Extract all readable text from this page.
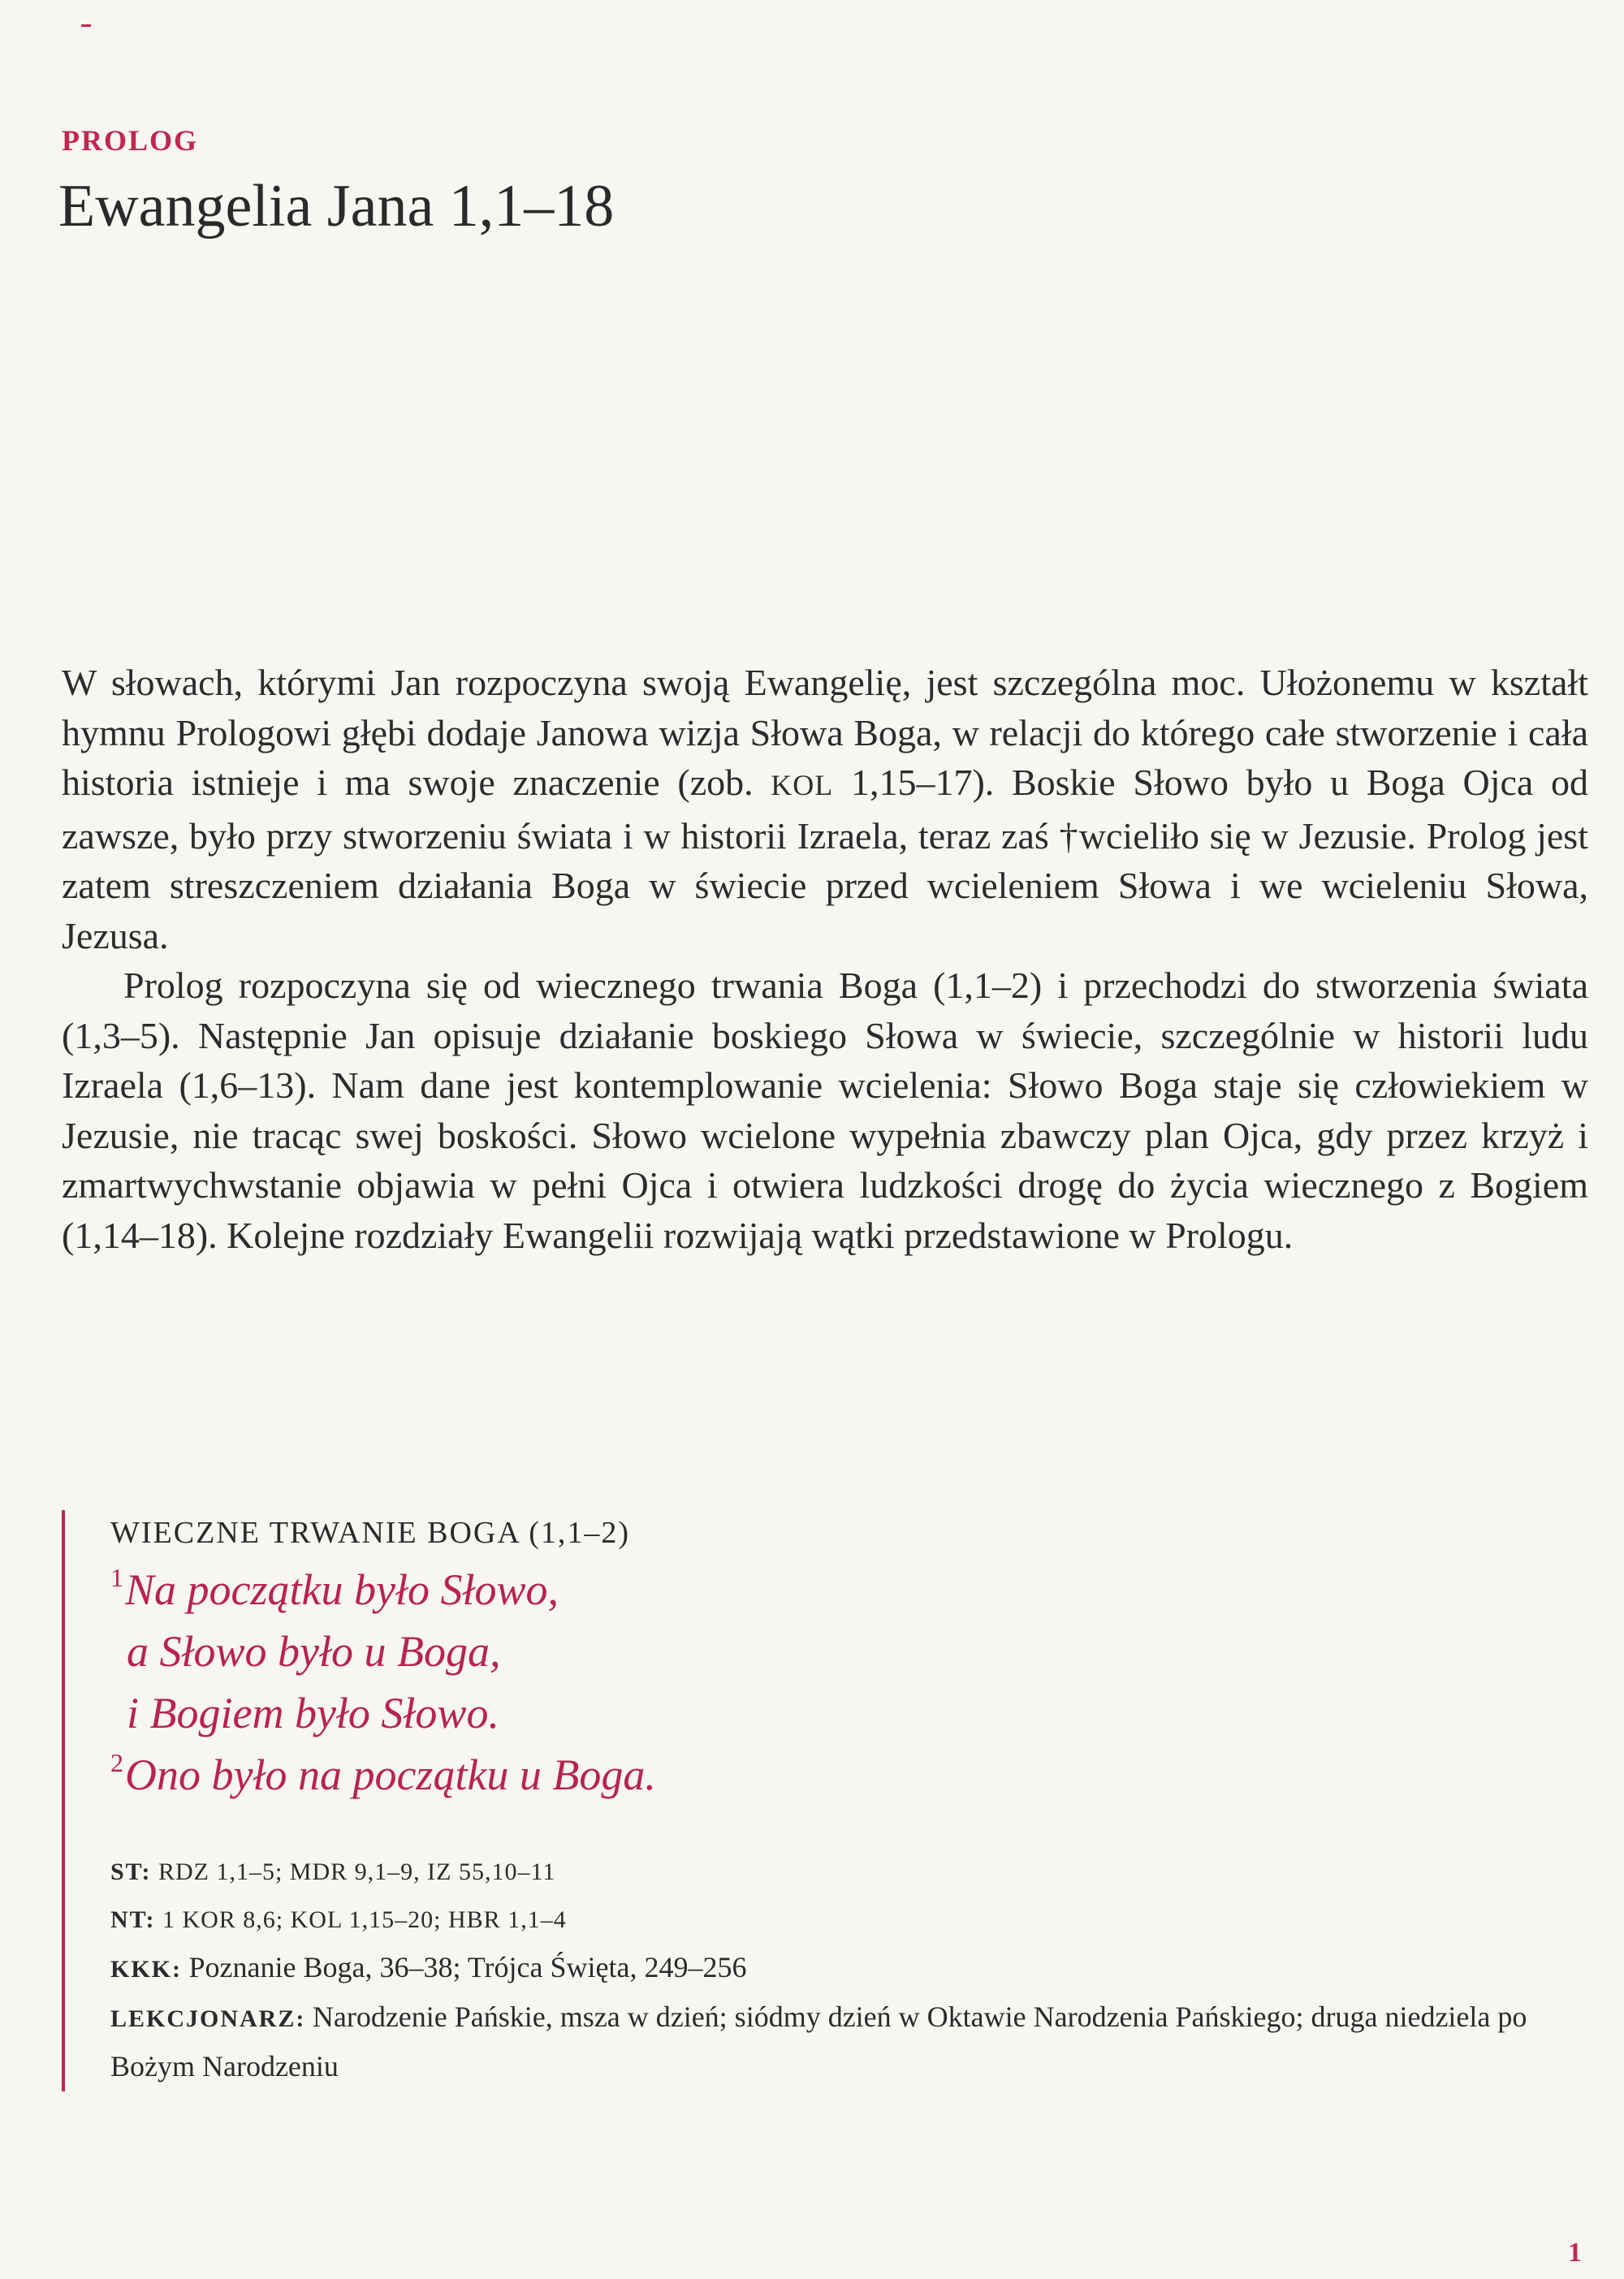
PROLOG
Ewangelia Jana 1,1–18

W słowach, którymi Jan rozpoczyna swoją Ewangelię, jest szczególna moc. Ułożonemu w kształt hymnu Prologowi głębi dodaje Janowa wizja Słowa Boga, w relacji do którego całe stworzenie i cała historia istnieje i ma swoje znaczenie (zob. KOL 1,15–17). Boskie Słowo było u Boga Ojca od zawsze, było przy stworzeniu świata i w historii Izraela, teraz zaś †wcieliło się w Jezusie. Prolog jest zatem streszczeniem działania Boga w świecie przed wcieleniem Słowa i we wcieleniu Słowa, Jezusa.

Prolog rozpoczyna się od wiecznego trwania Boga (1,1–2) i przechodzi do stworzenia świata (1,3–5). Następnie Jan opisuje działanie boskiego Słowa w świecie, szczególnie w historii ludu Izraela (1,6–13). Nam dane jest kontemplowanie wcielenia: Słowo Boga staje się człowiekiem w Jezusie, nie tracąc swej boskości. Słowo wcielone wypełnia zbawczy plan Ojca, gdy przez krzyż i zmartwychwstanie objawia w pełni Ojca i otwiera ludzkości drogę do życia wiecznego z Bogiem (1,14–18). Kolejne rozdziały Ewangelii rozwijają wątki przedstawione w Prologu.

WIECZNE TRWANIE BOGA (1,1–2)
$^1$Na początku było Słowo,
a Słowo było u Boga,
i Bogiem było Słowo.
$^2$Ono było na początku u Boga.
ST: RDZ 1,1–5; MDR 9,1–9, IZ 55,10–11
NT: 1 KOR 8,6; KOL 1,15–20; HBR 1,1–4
KKK: Poznanie Boga, 36–38; Trójca Święta, 249–256
LEKCJONARZ: Narodzenie Pańskie, msza w dzień; siódmy dzień w Oktawie Narodzenia Pańskiego; druga niedziela po Bożym Narodzeniu
1
